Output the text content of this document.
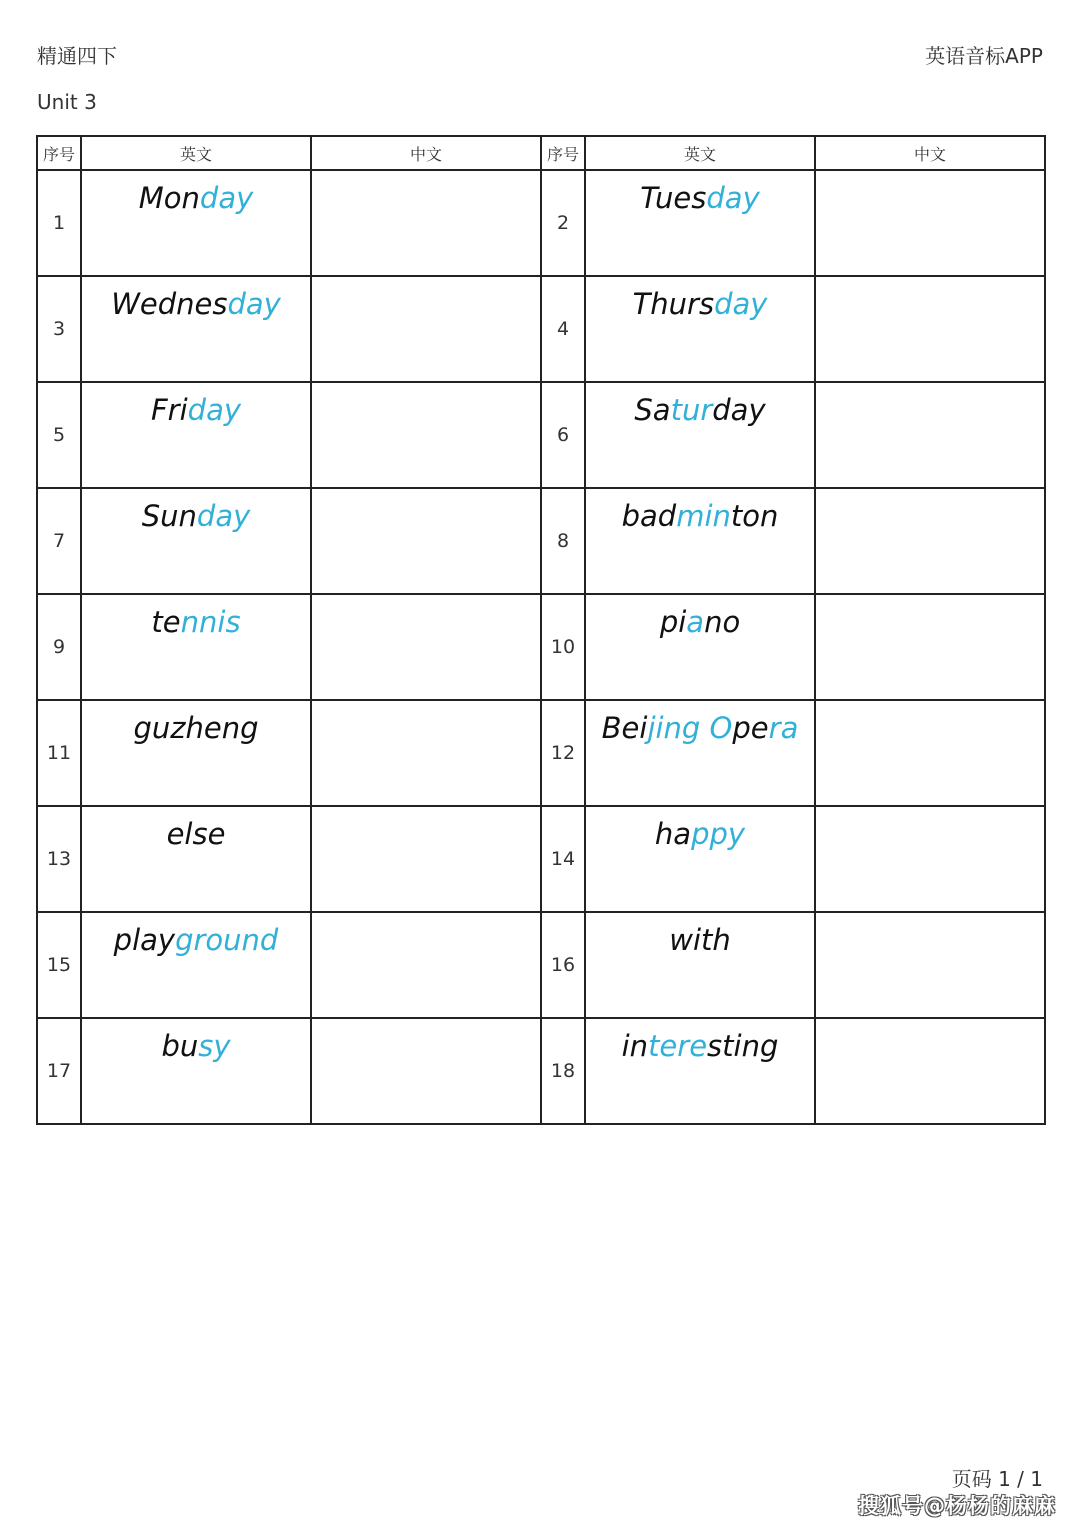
精通四下	英语音标APP
Unit 3
序号	英文	中文	序号	英文	中文
1	Monday		2	Tuesday	
3	Wednesday		4	Thursday	
5	Friday		6	Saturday	
7	Sunday		8	badminton	
9	tennis		10	piano	
11	guzheng		12	Beijing Opera	
13	else		14	happy	
15	playground		16	with	
17	busy		18	interesting	
页码 1 / 1
搜狐号@杨杨的麻麻
